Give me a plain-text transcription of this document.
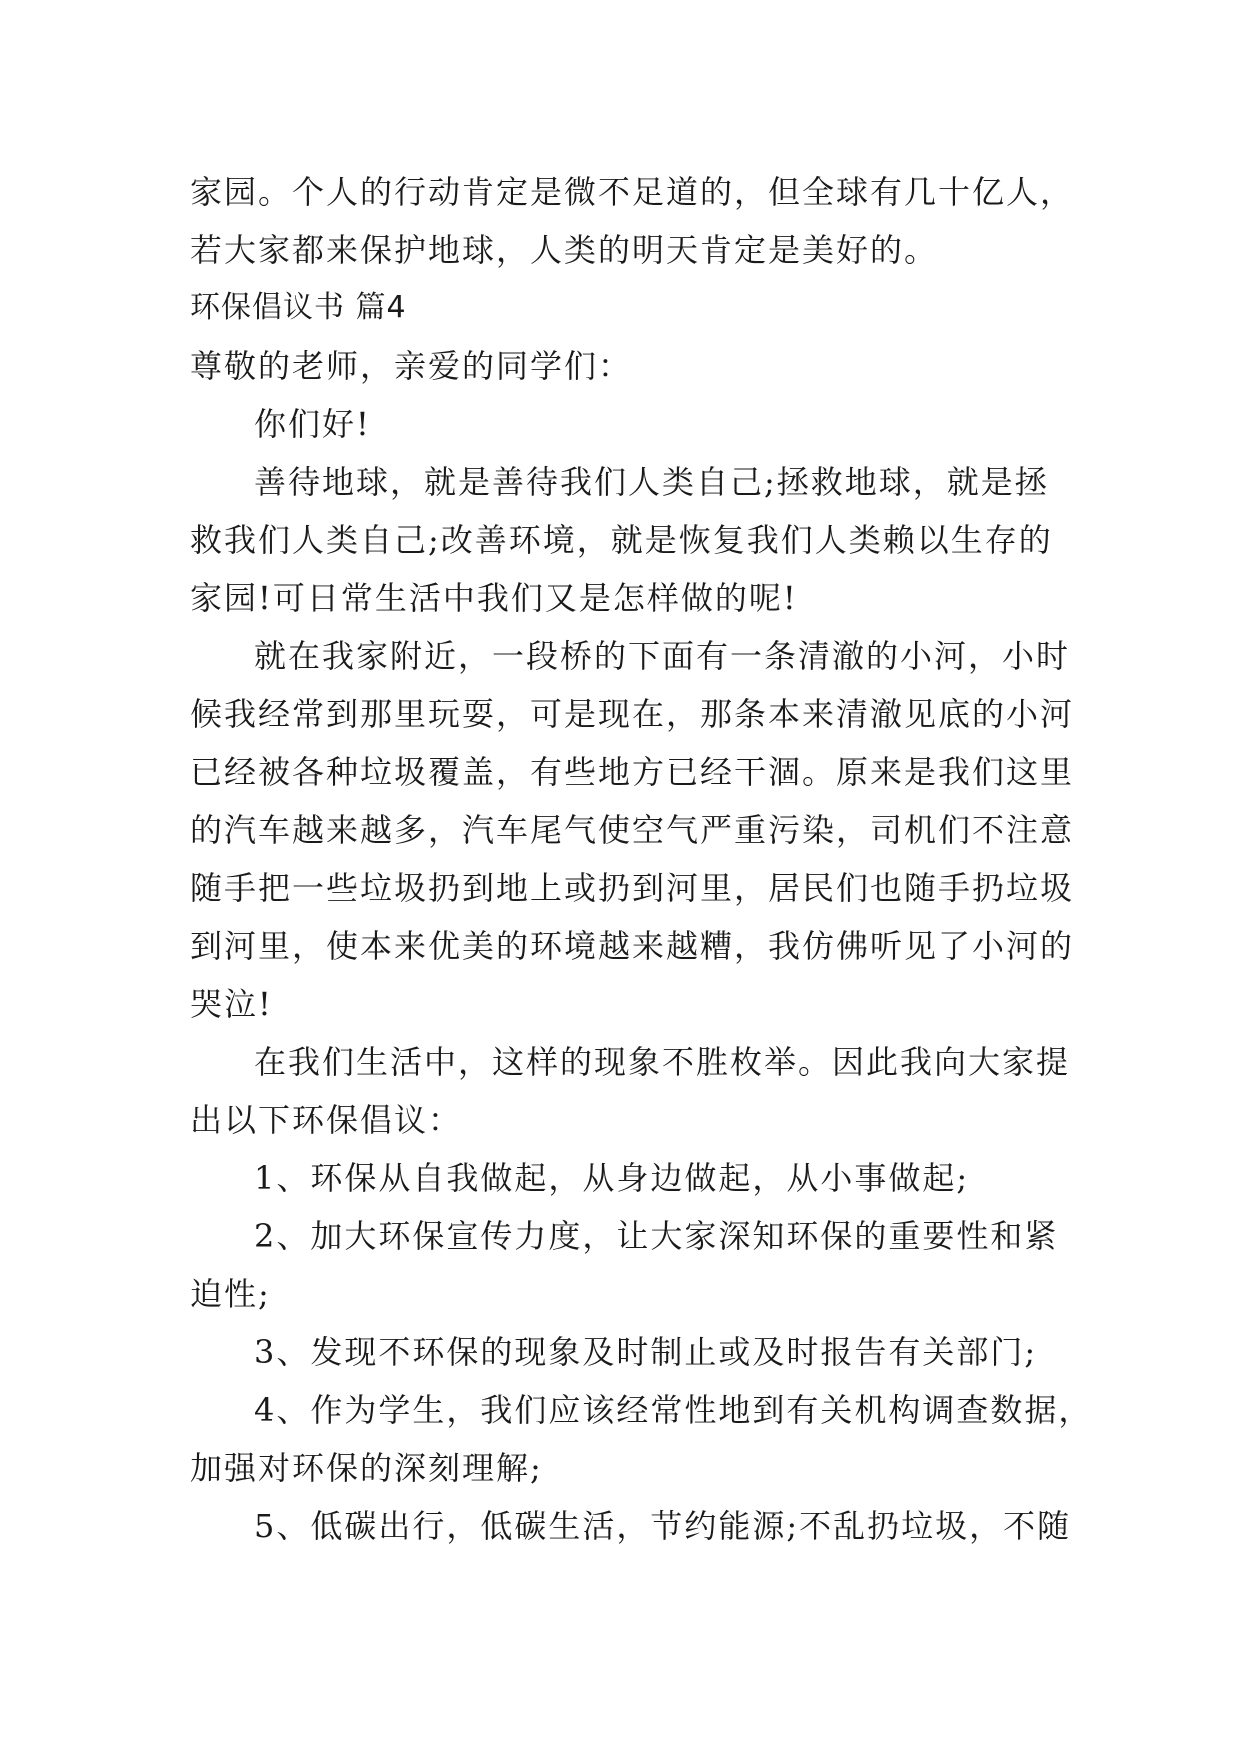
家园。个人的行动肯定是微不足道的，但全球有几十亿人，
若大家都来保护地球，人类的明天肯定是美好的。
环保倡议书 篇4
尊敬的老师，亲爱的同学们：
你们好!
善待地球，就是善待我们人类自己;拯救地球，就是拯
救我们人类自己;改善环境，就是恢复我们人类赖以生存的
家园!可日常生活中我们又是怎样做的呢!
就在我家附近，一段桥的下面有一条清澈的小河，小时
候我经常到那里玩耍，可是现在，那条本来清澈见底的小河
已经被各种垃圾覆盖，有些地方已经干涸。原来是我们这里
的汽车越来越多，汽车尾气使空气严重污染，司机们不注意
随手把一些垃圾扔到地上或扔到河里，居民们也随手扔垃圾
到河里，使本来优美的环境越来越糟，我仿佛听见了小河的
哭泣!
在我们生活中，这样的现象不胜枚举。因此我向大家提
出以下环保倡议：
1、环保从自我做起，从身边做起，从小事做起;
2、加大环保宣传力度，让大家深知环保的重要性和紧
迫性;
3、发现不环保的现象及时制止或及时报告有关部门;
4、作为学生，我们应该经常性地到有关机构调查数据，
加强对环保的深刻理解;
5、低碳出行，低碳生活，节约能源;不乱扔垃圾，不随
